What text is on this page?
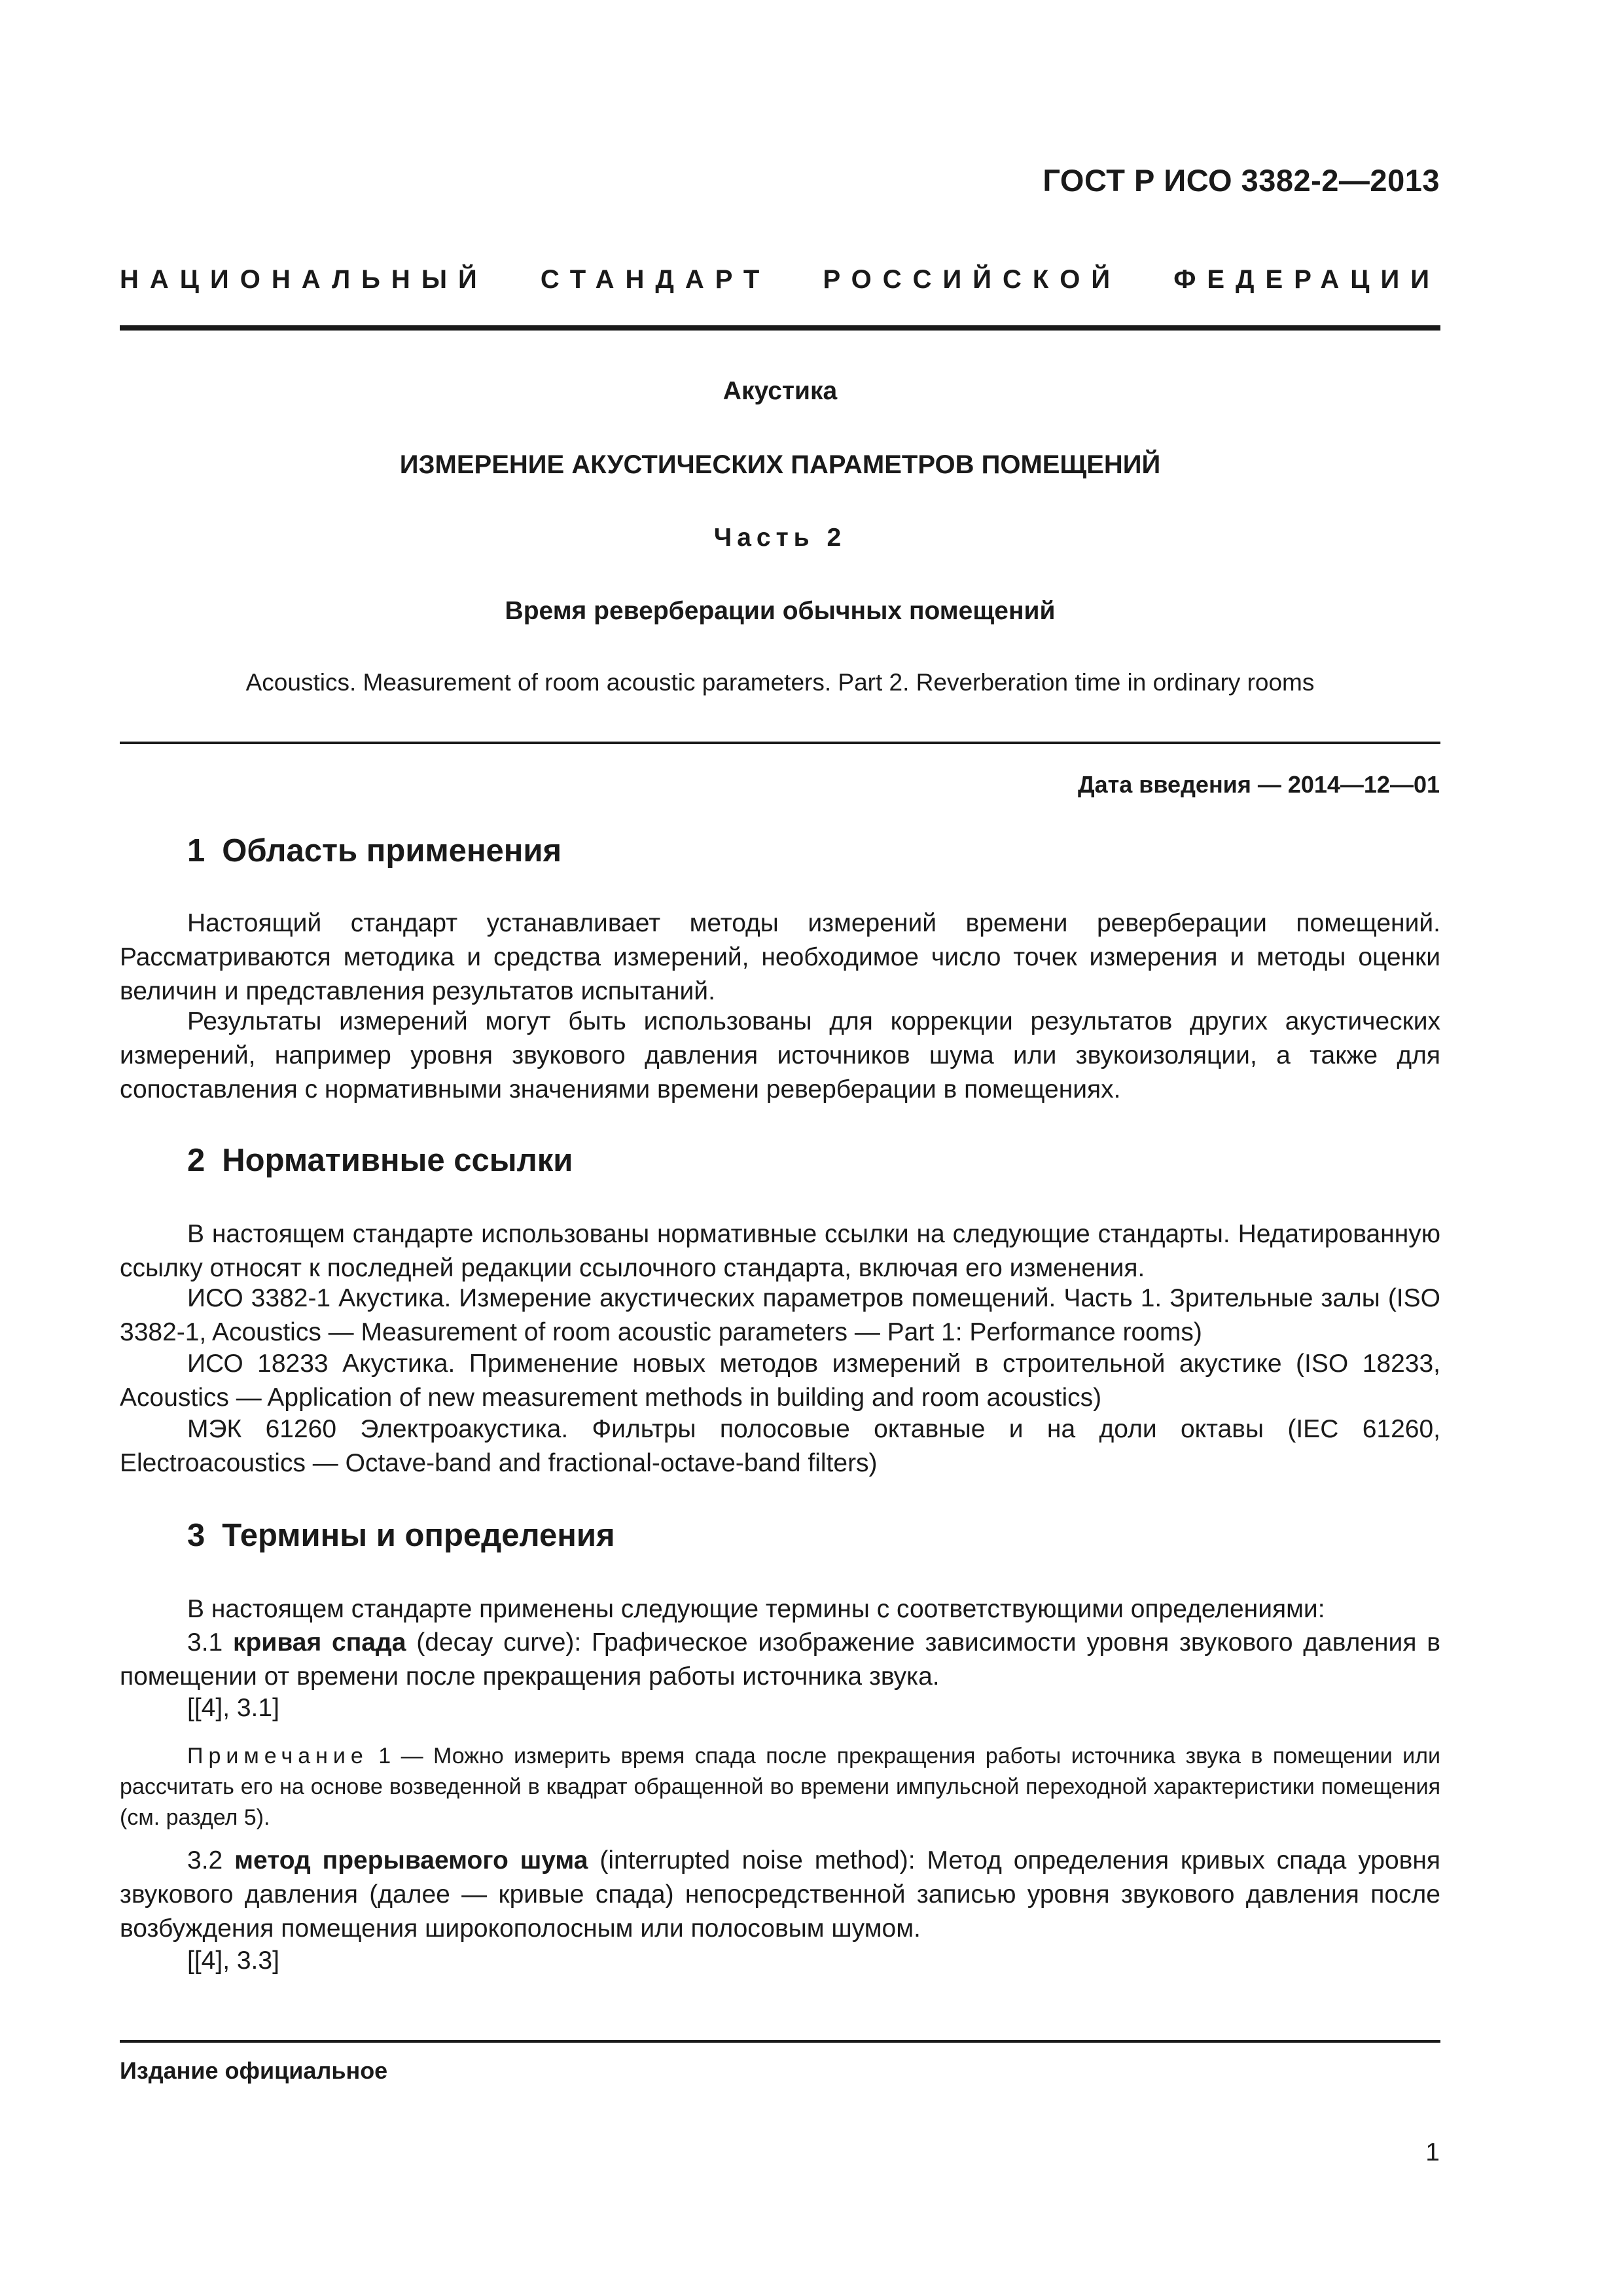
ГОСТ Р ИСО 3382-2—2013
НАЦИОНАЛЬНЫЙ СТАНДАРТ РОССИЙСКОЙ ФЕДЕРАЦИИ
Акустика
ИЗМЕРЕНИЕ АКУСТИЧЕСКИХ ПАРАМЕТРОВ ПОМЕЩЕНИЙ
Часть 2
Время реверберации обычных помещений
Acoustics. Measurement of room acoustic parameters. Part 2. Reverberation time in ordinary rooms
Дата введения — 2014—12—01
1 Область применения
Настоящий стандарт устанавливает методы измерений времени реверберации помещений. Рассматриваются методика и средства измерений, необходимое число точек измерения и методы оценки величин и представления результатов испытаний.
Результаты измерений могут быть использованы для коррекции результатов других акустических измерений, например уровня звукового давления источников шума или звукоизоляции, а также для сопоставления с нормативными значениями времени реверберации в помещениях.
2 Нормативные ссылки
В настоящем стандарте использованы нормативные ссылки на следующие стандарты. Недатированную ссылку относят к последней редакции ссылочного стандарта, включая его изменения.
ИСО 3382-1 Акустика. Измерение акустических параметров помещений. Часть 1. Зрительные залы (ISO 3382-1, Acoustics — Measurement of room acoustic parameters — Part 1: Performance rooms)
ИСО 18233 Акустика. Применение новых методов измерений в строительной акустике (ISO 18233, Acoustics — Application of new measurement methods in building and room acoustics)
МЭК 61260 Электроакустика. Фильтры полосовые октавные и на доли октавы (IEC 61260, Electroacoustics — Octave-band and fractional-octave-band filters)
3 Термины и определения
В настоящем стандарте применены следующие термины с соответствующими определениями:
3.1 кривая спада (decay curve): Графическое изображение зависимости уровня звукового давления в помещении от времени после прекращения работы источника звука.
[[4], 3.1]
Примечание 1 — Можно измерить время спада после прекращения работы источника звука в помещении или рассчитать его на основе возведенной в квадрат обращенной во времени импульсной переходной характеристики помещения (см. раздел 5).
3.2 метод прерываемого шума (interrupted noise method): Метод определения кривых спада уровня звукового давления (далее — кривые спада) непосредственной записью уровня звукового давления после возбуждения помещения широкополосным или полосовым шумом.
[[4], 3.3]
Издание официальное
1
